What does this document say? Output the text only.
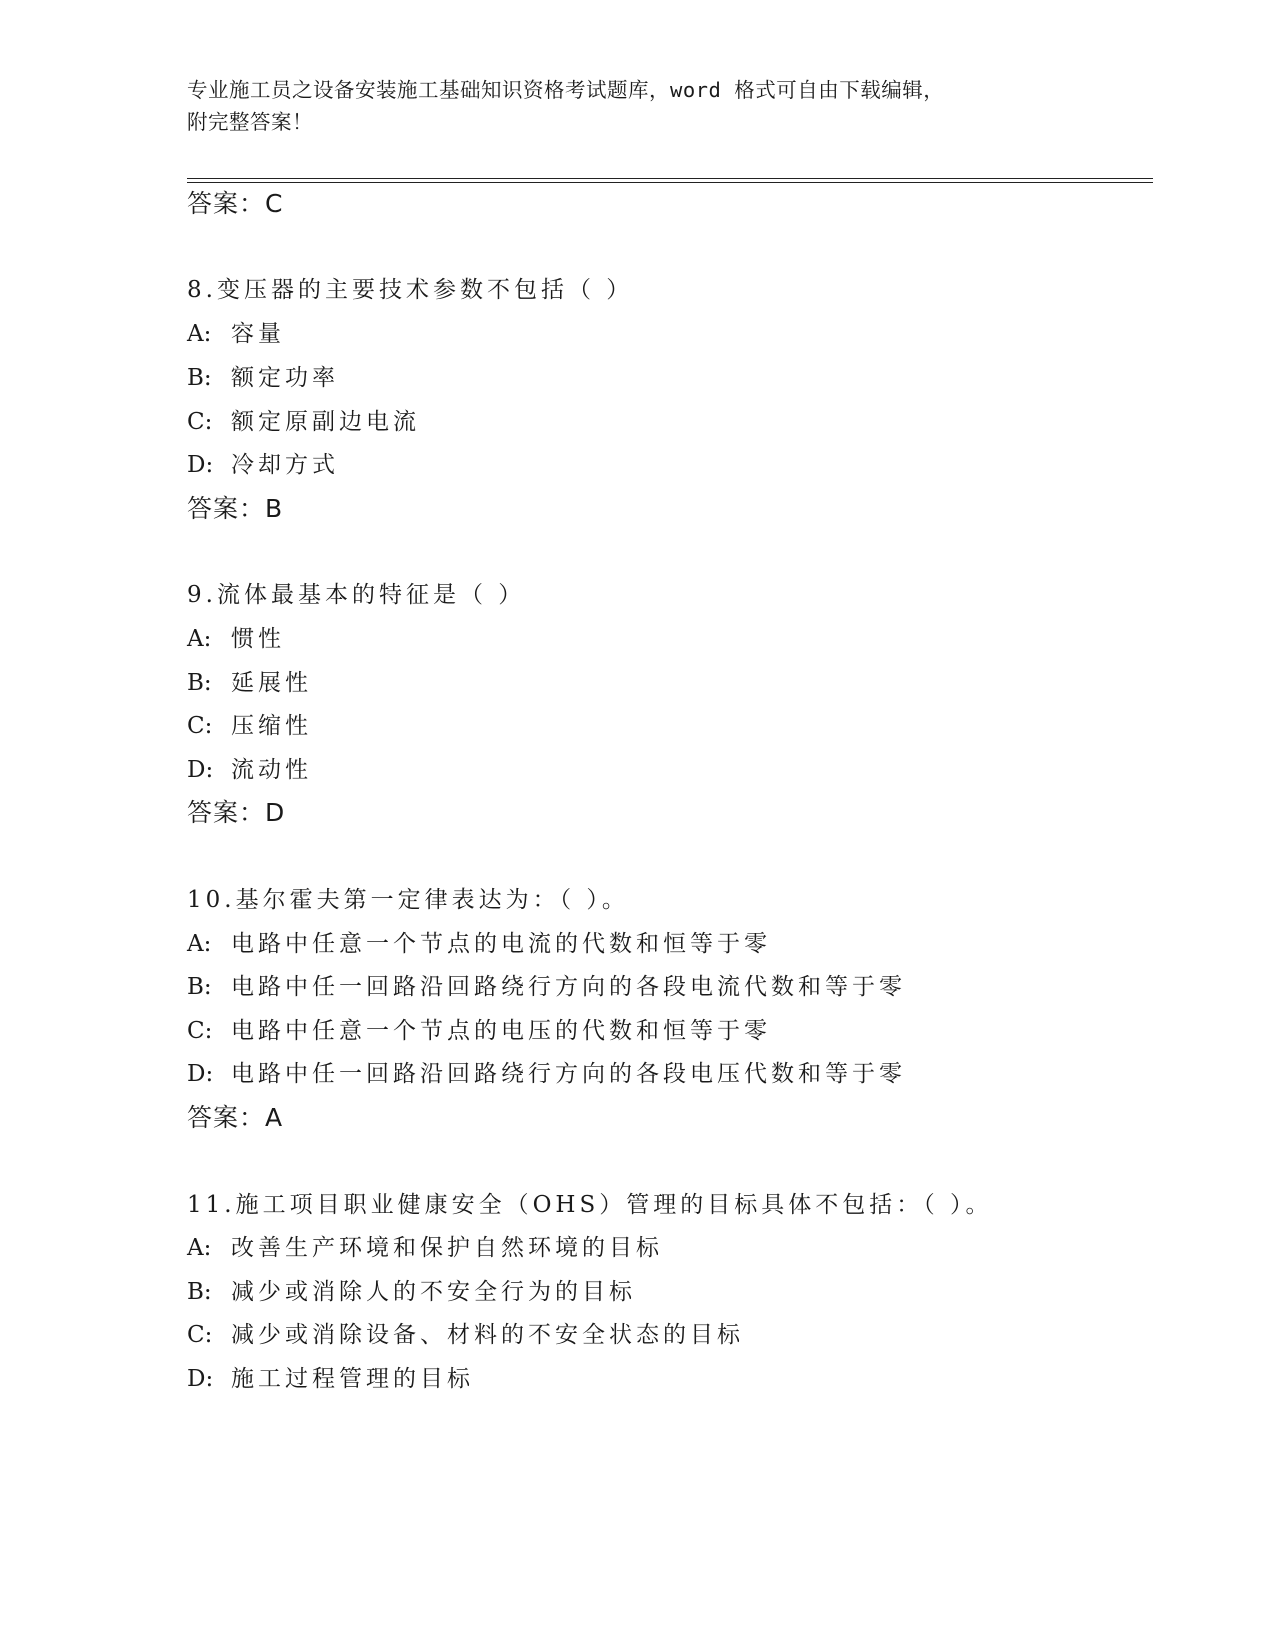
专业施工员之设备安装施工基础知识资格考试题库，word 格式可自由下载编辑，
附完整答案！
答案：C
8.变压器的主要技术参数不包括（ ）
A: 容量
B: 额定功率
C: 额定原副边电流
D: 冷却方式
答案：B
9.流体最基本的特征是（ ）
A: 惯性
B: 延展性
C: 压缩性
D: 流动性
答案：D
10.基尔霍夫第一定律表达为：（ ）。
A: 电路中任意一个节点的电流的代数和恒等于零
B: 电路中任一回路沿回路绕行方向的各段电流代数和等于零
C: 电路中任意一个节点的电压的代数和恒等于零
D: 电路中任一回路沿回路绕行方向的各段电压代数和等于零
答案：A
11.施工项目职业健康安全（OHS）管理的目标具体不包括：（ ）。
A: 改善生产环境和保护自然环境的目标
B: 减少或消除人的不安全行为的目标
C: 减少或消除设备、材料的不安全状态的目标
D: 施工过程管理的目标
